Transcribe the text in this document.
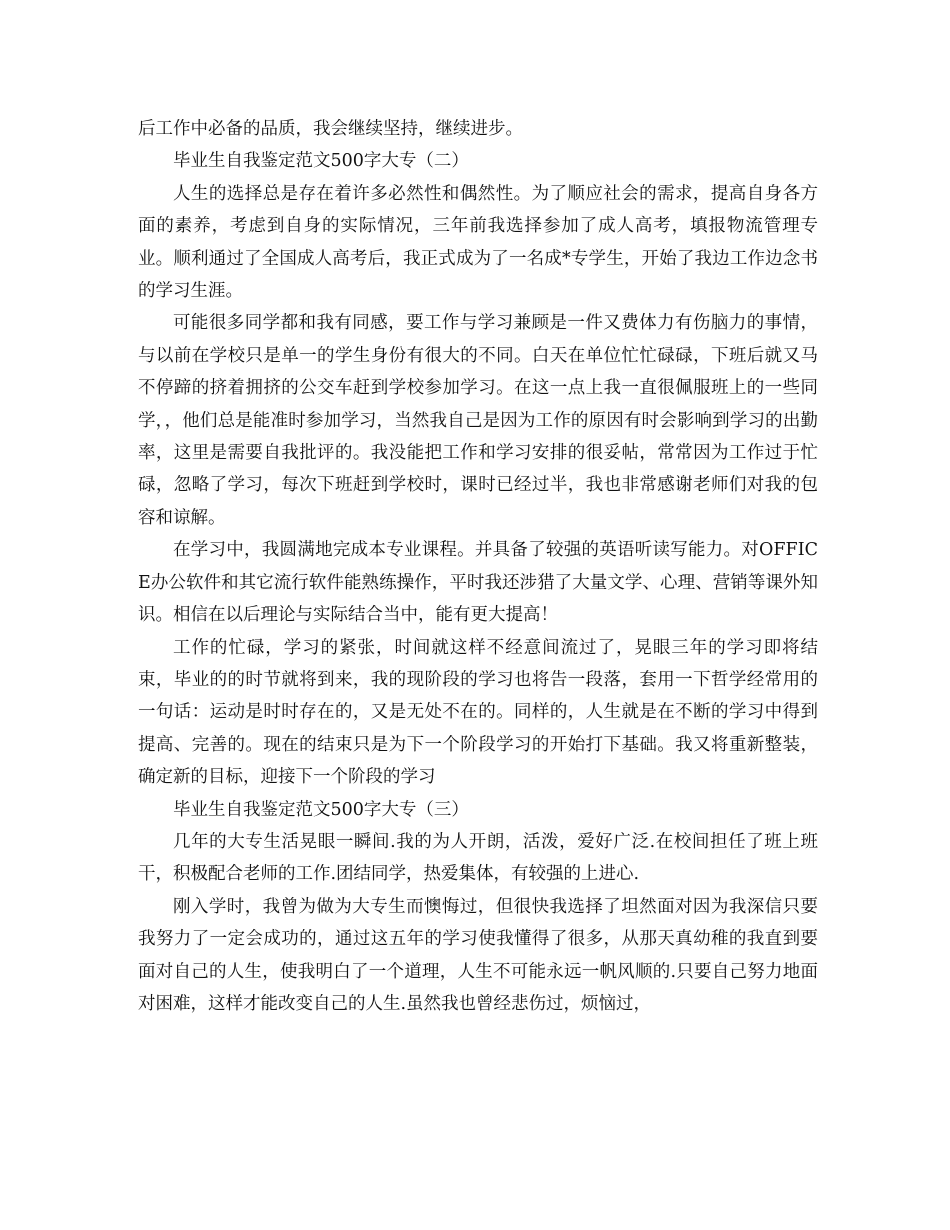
后工作中必备的品质，我会继续坚持，继续进步。

毕业生自我鉴定范文500字大专（二）

人生的选择总是存在着许多必然性和偶然性。为了顺应社会的需求，提高自身各方面的素养，考虑到自身的实际情况，三年前我选择参加了成人高考，填报物流管理专业。顺利通过了全国成人高考后，我正式成为了一名成*专学生，开始了我边工作边念书的学习生涯。

可能很多同学都和我有同感，要工作与学习兼顾是一件又费体力有伤脑力的事情，与以前在学校只是单一的学生身份有很大的不同。白天在单位忙忙碌碌，下班后就又马不停蹄的挤着拥挤的公交车赶到学校参加学习。在这一点上我一直很佩服班上的一些同学，，他们总是能准时参加学习，当然我自己是因为工作的原因有时会影响到学习的出勤率，这里是需要自我批评的。我没能把工作和学习安排的很妥帖，常常因为工作过于忙碌，忽略了学习，每次下班赶到学校时，课时已经过半，我也非常感谢老师们对我的包容和谅解。

在学习中，我圆满地完成本专业课程。并具备了较强的英语听读写能力。对OFFICE办公软件和其它流行软件能熟练操作，平时我还涉猎了大量文学、心理、营销等课外知识。相信在以后理论与实际结合当中，能有更大提高！

工作的忙碌，学习的紧张，时间就这样不经意间流过了，晃眼三年的学习即将结束，毕业的的时节就将到来，我的现阶段的学习也将告一段落，套用一下哲学经常用的一句话：运动是时时存在的，又是无处不在的。同样的，人生就是在不断的学习中得到提高、完善的。现在的结束只是为下一个阶段学习的开始打下基础。我又将重新整装，确定新的目标，迎接下一个阶段的学习

毕业生自我鉴定范文500字大专（三）

几年的大专生活晃眼一瞬间.我的为人开朗，活泼，爱好广泛.在校间担任了班上班干，积极配合老师的工作.团结同学，热爱集体，有较强的上进心.

刚入学时，我曾为做为大专生而懊悔过，但很快我选择了坦然面对因为我深信只要我努力了一定会成功的，通过这五年的学习使我懂得了很多，从那天真幼稚的我直到要面对自己的人生，使我明白了一个道理，人生不可能永远一帆风顺的.只要自己努力地面对困难，这样才能改变自己的人生.虽然我也曾经悲伤过，烦恼过，
